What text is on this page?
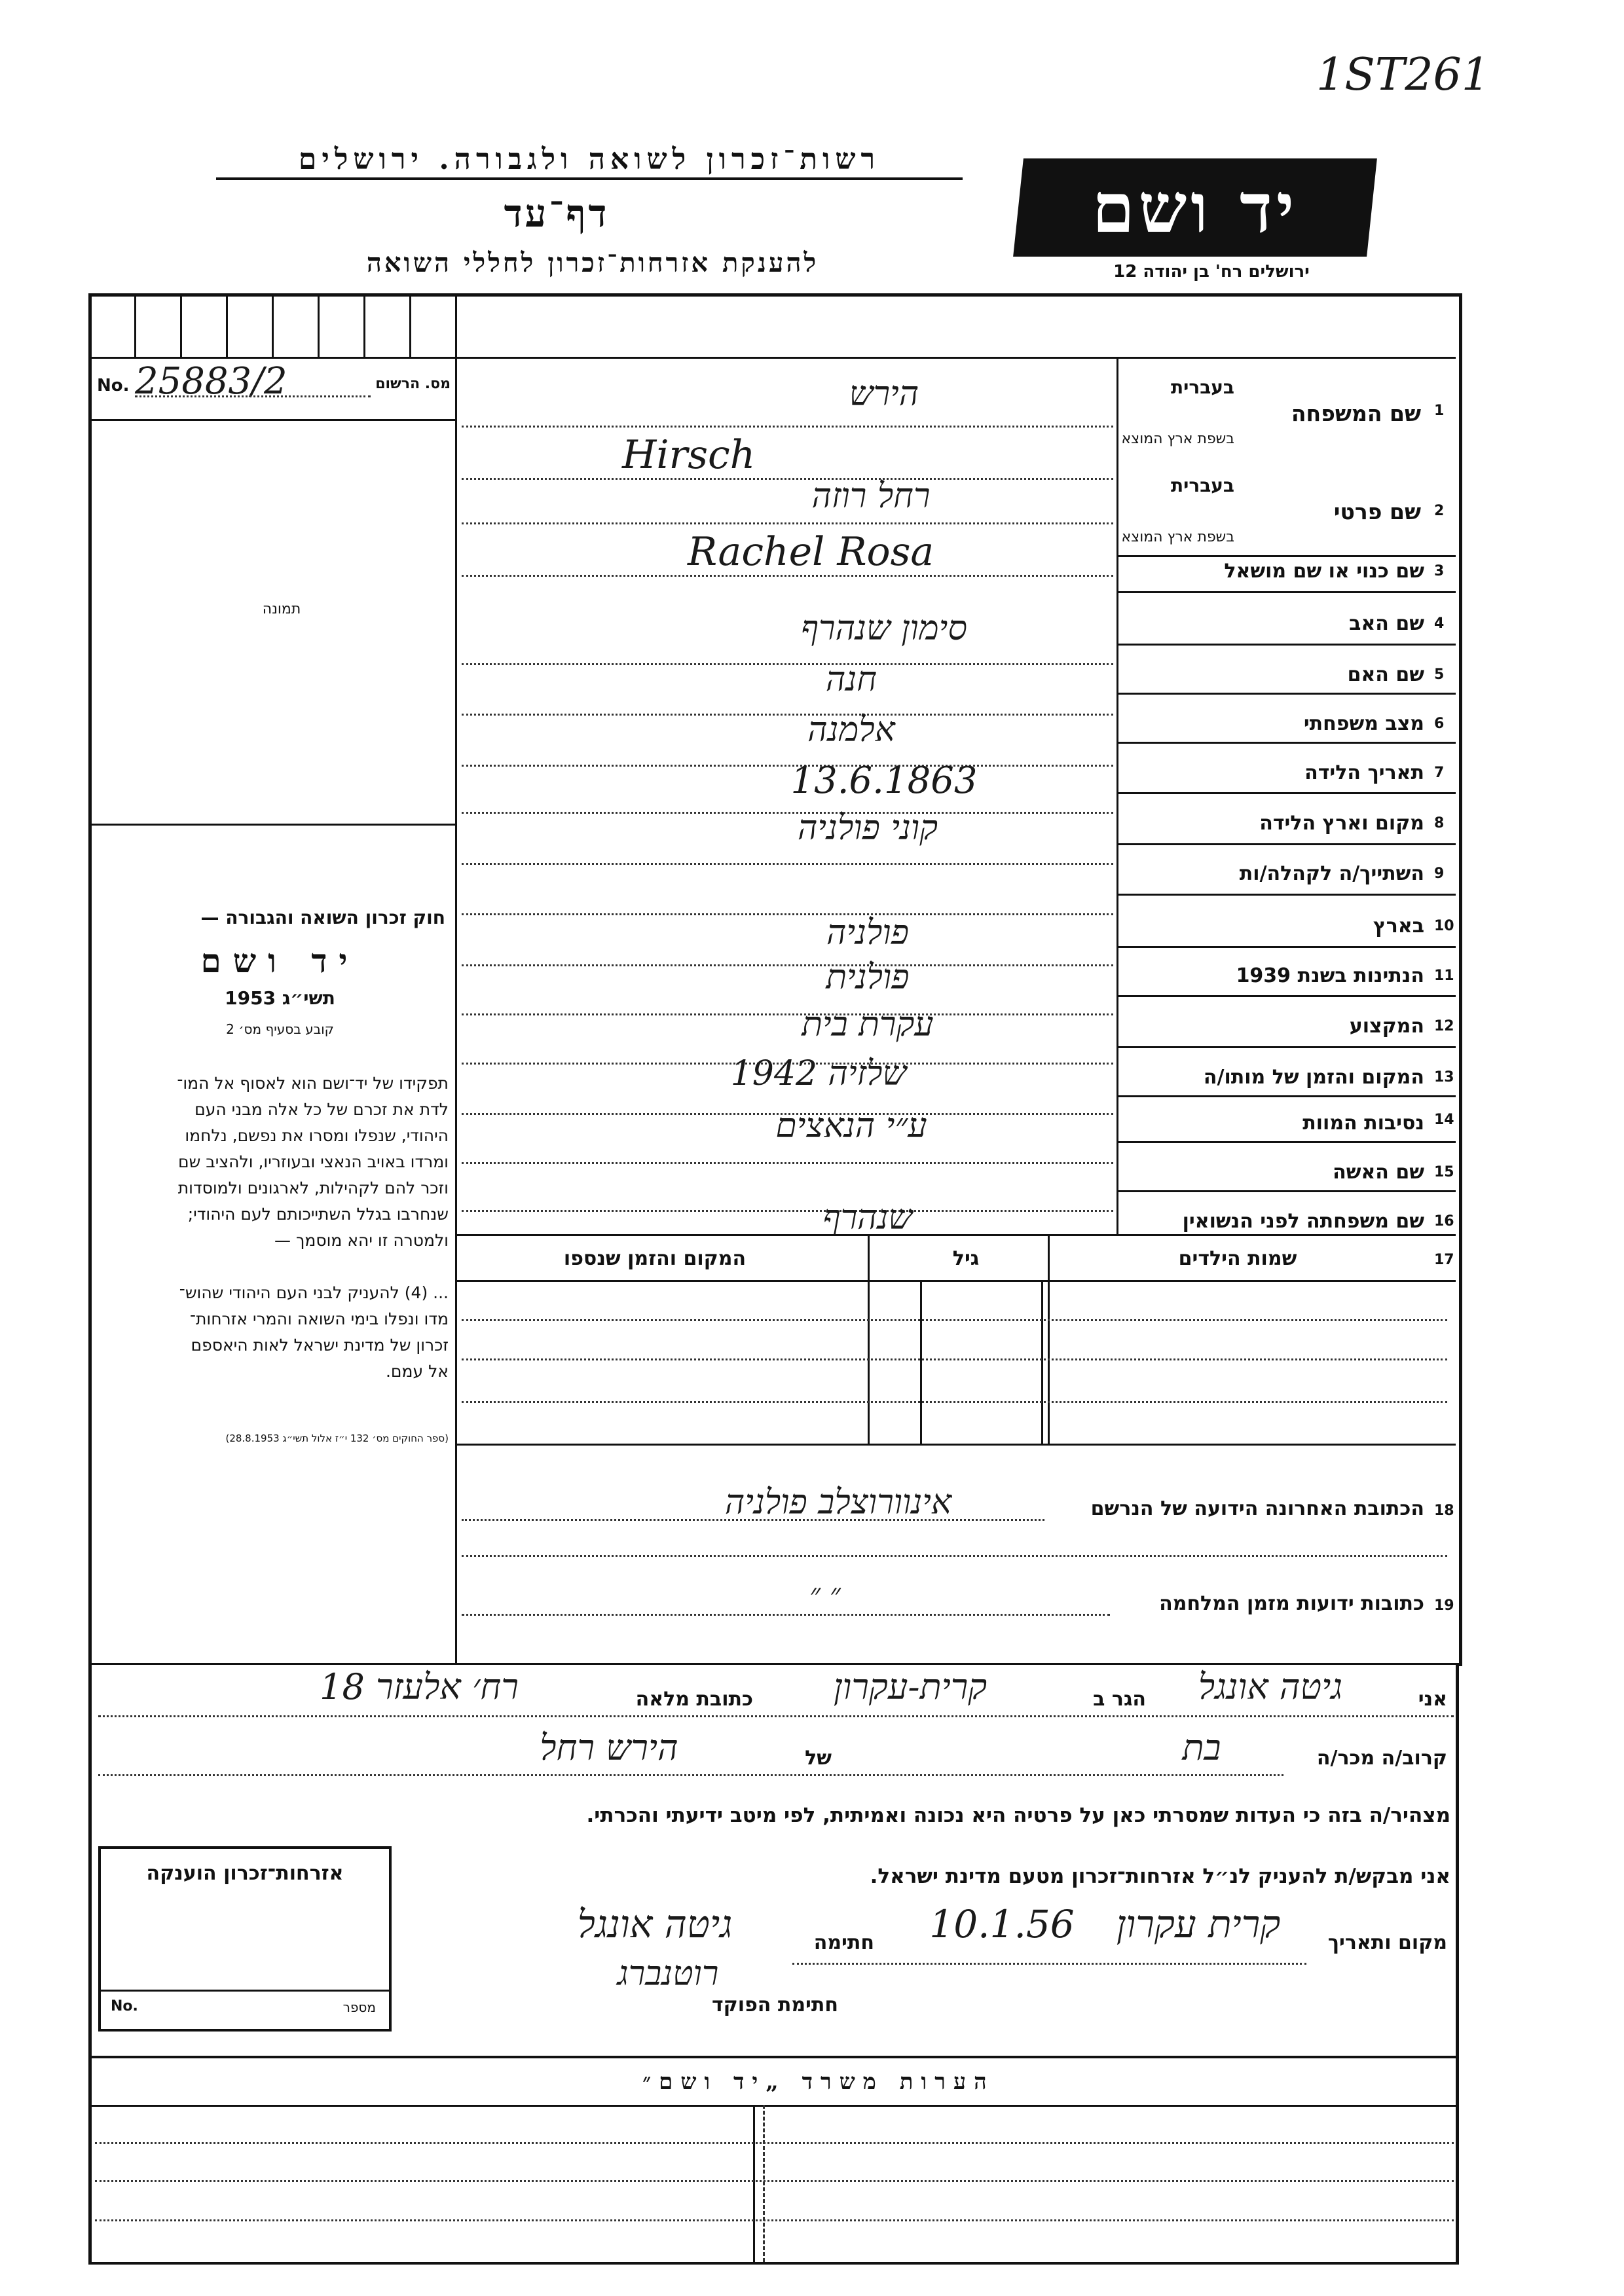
1ST261
רשות־זכרון לשואה ולגבורה. ירושלים
דף־עד
להענקת אזרחות־זכרון לחללי השואה
יד ושם
ירושלים רח' בן יהודה 12
No. 25883/2	מס. הרשום
תמונה
חוק זכרון השואה והגבורה —
יד ושם
תשי״ג 1953
קובע בסעיף מס׳ 2
תפקידו של יד־ושם הוא לאסוף אל המו־
לדת את זכרם של כל אלה מבני העם
היהודי, שנפלו ומסרו את נפשם, נלחמו
ומרדו באויב הנאצי ובעוזריו, ולהציב שם
וזכר להם לקהילות, לארגונים ולמוסדות
שנחרבו בגלל השתייכותם לעם היהודי;
ולמטרה זו יהא מוסמך —
... (4) להעניק לבני העם היהודי שהוש־
מדו ונפלו בימי השואה והמרי אזרחות־
זכרון של מדינת ישראל לאות היאספם
אל עמם.
(ספר החוקים מס׳ 132 י״ז אלול תשי״ג 28.8.1953)
1
שם המשפחה
בעברית
בשפת ארץ המוצא
2
שם פרטי
בעברית
בשפת ארץ המוצא
3
שם כנוי או שם מושאל
4
שם האב
5
שם האם
6
מצב משפחתי
7
תאריך הלידה
8
מקום וארץ הלידה
9
השתייך/ה לקהלה/ות
10
בארץ
11
הנתינות בשנת 1939
12
המקצוע
13
המקום והזמן של מותו/ה
14
נסיבות המוות
15
שם האשה
16
שם משפחתה לפני הנשואין
הירש
Hirsch
רחל רוזה
Rachel Rosa
סימון שנהרף
חנה
אלמנה
13.6.1863
קוני פולניה
פולניה
פולנית
עקרת בית
שלזיה 1942
ע״י הנאצים
שנהרף
17
שמות הילדים
גיל
המקום והזמן שנספו
18
הכתובת האחרונה הידועה של הנרשם
אינוורוצלב פולניה
19
כתובות ידועות מזמן המלחמה
״ ״
אני
גיטה אונגל
הגר ב
קרית-עקרון
כתובת מלאה
רח׳ אלעזר 18
קרוב/ה מכר/ה
בת
של
הירש רחל
מצהיר/ה בזה כי העדות שמסרתי כאן על פרטיה היא נכונה ואמיתית, לפי מיטב ידיעתי והכרתי.
אני מבקש/ת להעניק לנ״ל אזרחות־זכרון מטעם מדינת ישראל.
מקום ותאריך
קרית עקרון
10.1.56
חתימה
גיטה אונגל
רוטנברג
חתימת הפוקד
אזרחות־זכרון הוענקה
No.	מספר
הערות משרד „יד ושם״
